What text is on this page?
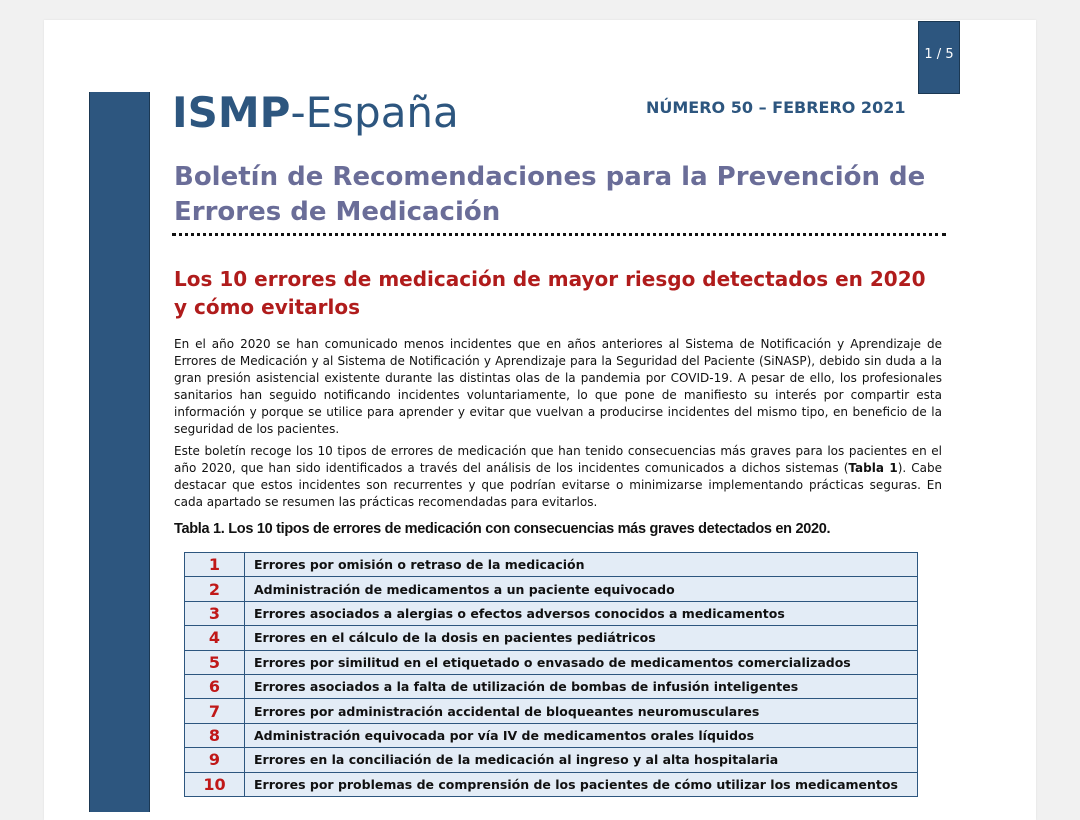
1 / 5
ISMP-España	NÚMERO 50 – FEBRERO 2021
Boletín de Recomendaciones para la Prevención de Errores de Medicación
Los 10 errores de medicación de mayor riesgo detectados en 2020 y cómo evitarlos
En el año 2020 se han comunicado menos incidentes que en años anteriores al Sistema de Notificación y Aprendizaje de Errores de Medicación y al Sistema de Notificación y Aprendizaje para la Seguridad del Paciente (SiNASP), debido sin duda a la gran presión asistencial existente durante las distintas olas de la pandemia por COVID-19. A pesar de ello, los profesionales sanitarios han seguido notificando incidentes voluntariamente, lo que pone de manifiesto su interés por compartir esta información y porque se utilice para aprender y evitar que vuelvan a producirse incidentes del mismo tipo, en beneficio de la seguridad de los pacientes.
Este boletín recoge los 10 tipos de errores de medicación que han tenido consecuencias más graves para los pacientes en el año 2020, que han sido identificados a través del análisis de los incidentes comunicados a dichos sistemas (Tabla 1). Cabe destacar que estos incidentes son recurrentes y que podrían evitarse o minimizarse implementando prácticas seguras. En cada apartado se resumen las prácticas recomendadas para evitarlos.
Tabla 1. Los 10 tipos de errores de medicación con consecuencias más graves detectados en 2020.
1	Errores por omisión o retraso de la medicación
2	Administración de medicamentos a un paciente equivocado
3	Errores asociados a alergias o efectos adversos conocidos a medicamentos
4	Errores en el cálculo de la dosis en pacientes pediátricos
5	Errores por similitud en el etiquetado o envasado de medicamentos comercializados
6	Errores asociados a la falta de utilización de bombas de infusión inteligentes
7	Errores por administración accidental de bloqueantes neuromusculares
8	Administración equivocada por vía IV de medicamentos orales líquidos
9	Errores en la conciliación de la medicación al ingreso y al alta hospitalaria
10	Errores por problemas de comprensión de los pacientes de cómo utilizar los medicamentos
